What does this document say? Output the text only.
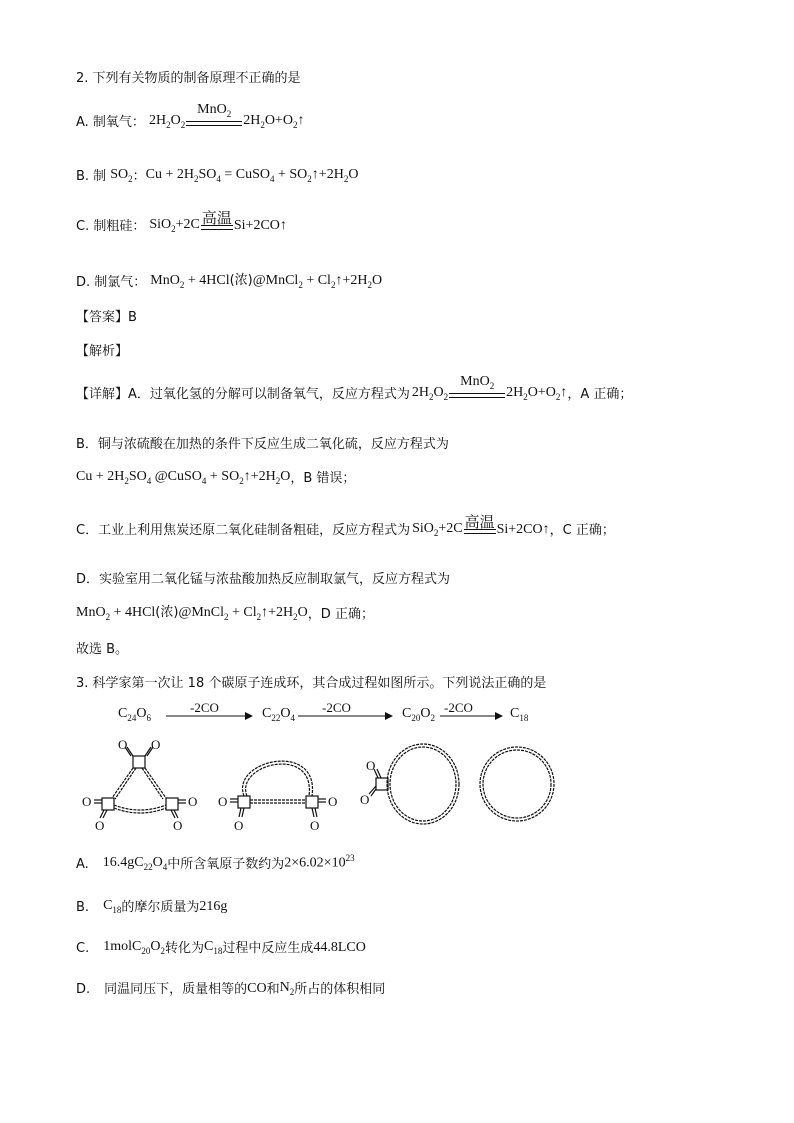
2. 下列有关物质的制备原理不正确的是
A. 制氧气： $2H_2O_2$
MnO$_2$ $2H_2O+O_2↑$
B. 制 $SO_2$ ： $Cu + 2H_2SO_4$ = CuSO$_4$ + $SO_2↑+2H_2O$
C. 制粗硅： SiO$_2$+2C 高温 Si+2CO↑
D. 制氯气： MnO$_2$ + 4HCl(浓)@MnCl$_2$ + $Cl_2↑+2H_2O$
【答案】B
【解析】
【详解】A．过氧化氢的分解可以制备氧气，反应方程式为 $2H_2O_2$
MnO$_2$ $2H_2O+O_2↑$ ，A 正确；
B．铜与浓硫酸在加热的条件下反应生成二氧化硫，反应方程式为
$Cu + 2H_2SO_4$ @CuSO$_4$ + $SO_2↑+2H_2O$ ，B 错误；
C．工业上利用焦炭还原二氧化硅制备粗硅，反应方程式为 SiO$_2$+2C 高温 Si+2CO↑ ，C 正确；
D．实验室用二氧化锰与浓盐酸加热反应制取氯气，反应方程式为
MnO$_2$ + 4HCl(浓)@MnCl$_2$ + $Cl_2↑+2H_2O$ ，D 正确；
故选 B。
3. 科学家第一次让 18 个碳原子连成环，其合成过程如图所示。下列说法正确的是
$C_{24}O_6$
-2CO	$C_{22}O_4$
-2CO	$C_{20}O_2$
-2CO	$C_{18}$
O O
O
O
O
O
O
O
O
O
O
O
A. $16.4gC_{22}O_4$ 中所含氧原子数约为 $2\times 6.02\times 10^{23}$
B. $C_{18}$ 的摩尔质量为 216g
C. $1molC_{20}O_2$ 转化为 $C_{18}$ 过程中反应生成 44.8LCO
D. 同温同压下，质量相等的 CO 和 $N_2$ 所占的体积相同
